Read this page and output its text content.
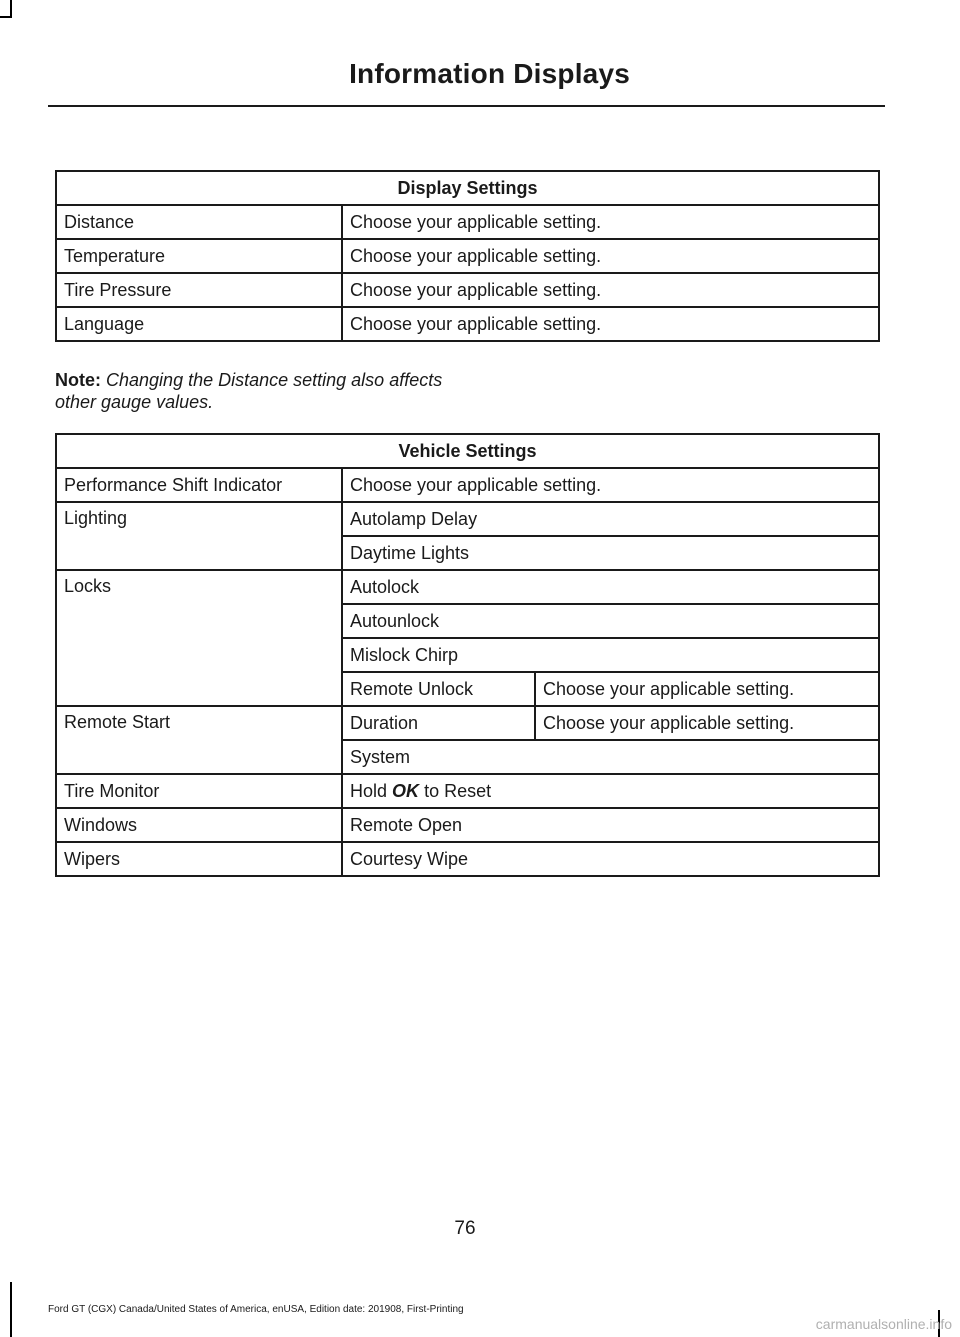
Information Displays
Display Settings	
Distance	Choose your applicable setting.
Temperature	Choose your applicable setting.
Tire Pressure	Choose your applicable setting.
Language	Choose your applicable setting.
Note: Changing the Distance setting also affects other gauge values.
Vehicle Settings		
Performance Shift Indicator	Choose your applicable setting.	
Lighting	Autolamp Delay	
	Daytime Lights	
Locks	Autolock	
	Autounlock	
	Mislock Chirp	
	Remote Unlock	Choose your applicable setting.
Remote Start	Duration	Choose your applicable setting.
	System	
Tire Monitor	Hold OK to Reset	
Windows	Remote Open	
Wipers	Courtesy Wipe	
76
Ford GT (CGX) Canada/United States of America, enUSA, Edition date: 201908, First-Printing
carmanualsonline.info
